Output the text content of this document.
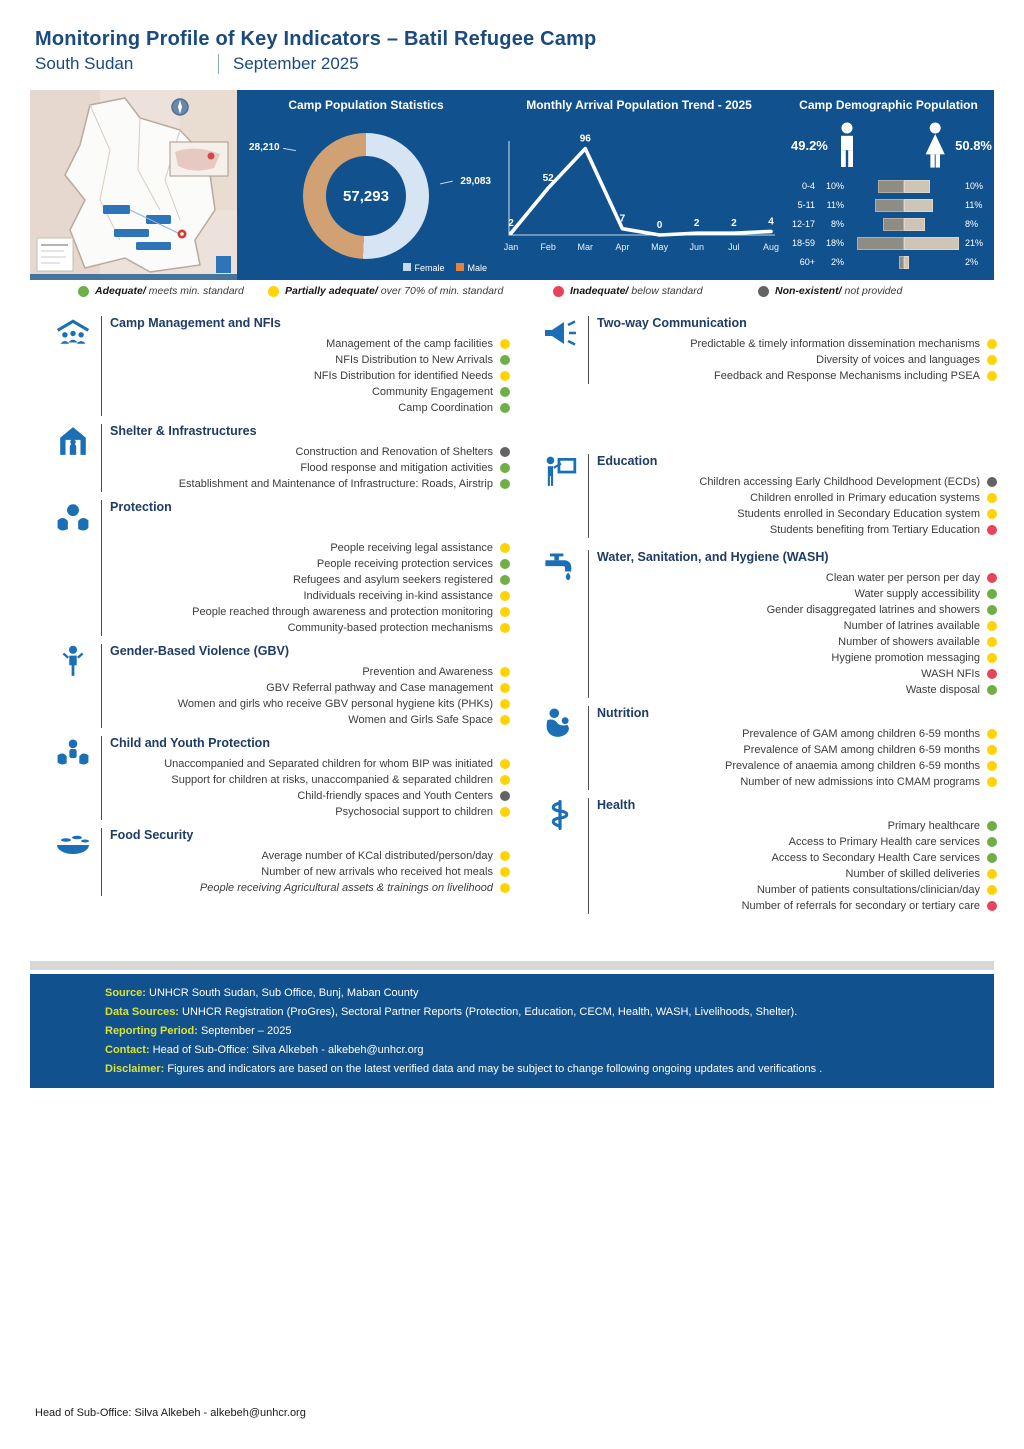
Monitoring Profile of Key Indicators – Batil Refugee Camp
South Sudan	September 2025
Camp Population Statistics
57,293
28,210
29,083
Female	Male
Monthly Arrival Population Trend - 2025
2
Jan
52
Feb
96
Mar
7
Apr
0
May
2
Jun
2
Jul
4
Aug
Camp Demographic Population
49.2%	50.8%
0-4	10%	10%
5-11	11%	11%
12-17	8%	8%
18-59	18%	21%
60+	2%	2%
Adequate/ meets min. standard	Partially adequate/ over 70% of min. standard	Inadequate/ below standard	Non-existent/ not provided
Camp Management and NFIs
Management of the camp facilities
NFIs Distribution to New Arrivals
NFIs Distribution for identified Needs
Community Engagement
Camp Coordination
Shelter & Infrastructures
Construction and Renovation of Shelters
Flood response and mitigation activities
Establishment and Maintenance of Infrastructure: Roads, Airstrip
Protection
People receiving legal assistance
People receiving protection services
Refugees and asylum seekers registered
Individuals receiving in-kind assistance
People reached through awareness and protection monitoring
Community-based protection mechanisms
Gender-Based Violence (GBV)
Prevention and Awareness
GBV Referral pathway and Case management
Women and girls who receive GBV personal hygiene kits (PHKs)
Women and Girls Safe Space
Child and Youth Protection
Unaccompanied and Separated children for whom BIP was initiated
Support for children at risks, unaccompanied & separated children
Child-friendly spaces and Youth Centers
Psychosocial support to children
Food Security
Average number of KCal distributed/person/day
Number of new arrivals who received hot meals
People receiving Agricultural assets & trainings on livelihood
Two-way Communication
Predictable & timely information dissemination mechanisms
Diversity of voices and languages
Feedback and Response Mechanisms including PSEA
Education
Children accessing Early Childhood Development (ECDs)
Children enrolled in Primary education systems
Students enrolled in Secondary Education system
Students benefiting from Tertiary Education
Water, Sanitation, and Hygiene (WASH)
Clean water per person per day
Water supply accessibility
Gender disaggregated latrines and showers
Number of latrines available
Number of showers available
Hygiene promotion messaging
WASH NFIs
Waste disposal
Nutrition
Prevalence of GAM among children 6-59 months
Prevalence of SAM among children 6-59 months
Prevalence of anaemia among children 6-59 months
Number of new admissions into CMAM programs
Health
Primary healthcare
Access to Primary Health care services
Access to Secondary Health Care services
Number of skilled deliveries
Number of patients consultations/clinician/day
Number of referrals for secondary or tertiary care
Source: UNHCR South Sudan, Sub Office, Bunj, Maban County
Data Sources: UNHCR Registration (ProGres), Sectoral Partner Reports (Protection, Education, CECM, Health, WASH, Livelihoods, Shelter).
Reporting Period: September – 2025
Contact: Head of Sub-Office: Silva Alkebeh - alkebeh@unhcr.org
Disclaimer: Figures and indicators are based on the latest verified data and may be subject to change following ongoing updates and verifications .
Head of Sub-Office: Silva Alkebeh - alkebeh@unhcr.org
